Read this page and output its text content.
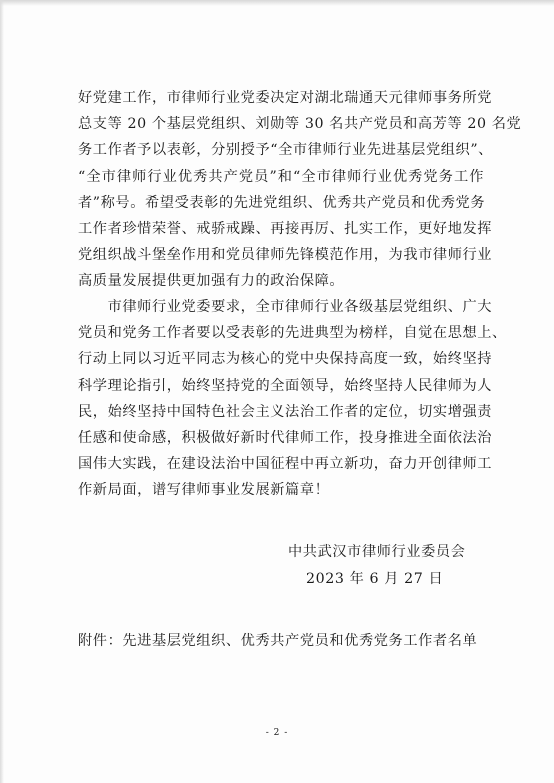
好党建工作，市律师行业党委决定对湖北瑞通天元律师事务所党
总支等 20 个基层党组织、刘勋等 30 名共产党员和高芳等 20 名党
务工作者予以表彰，分别授予“全市律师行业先进基层党组织”、
“全市律师行业优秀共产党员”和“全市律师行业优秀党务工作
者”称号。希望受表彰的先进党组织、优秀共产党员和优秀党务
工作者珍惜荣誉、戒骄戒躁、再接再厉、扎实工作，更好地发挥
党组织战斗堡垒作用和党员律师先锋模范作用，为我市律师行业
高质量发展提供更加强有力的政治保障。
　　市律师行业党委要求，全市律师行业各级基层党组织、广大
党员和党务工作者要以受表彰的先进典型为榜样，自觉在思想上、
行动上同以习近平同志为核心的党中央保持高度一致，始终坚持
科学理论指引，始终坚持党的全面领导，始终坚持人民律师为人
民，始终坚持中国特色社会主义法治工作者的定位，切实增强责
任感和使命感，积极做好新时代律师工作，投身推进全面依法治
国伟大实践，在建设法治中国征程中再立新功，奋力开创律师工
作新局面，谱写律师事业发展新篇章！

中共武汉市律师行业委员会

2023 年 6 月 27 日

附件：先进基层党组织、优秀共产党员和优秀党务工作者名单

- 2 -
